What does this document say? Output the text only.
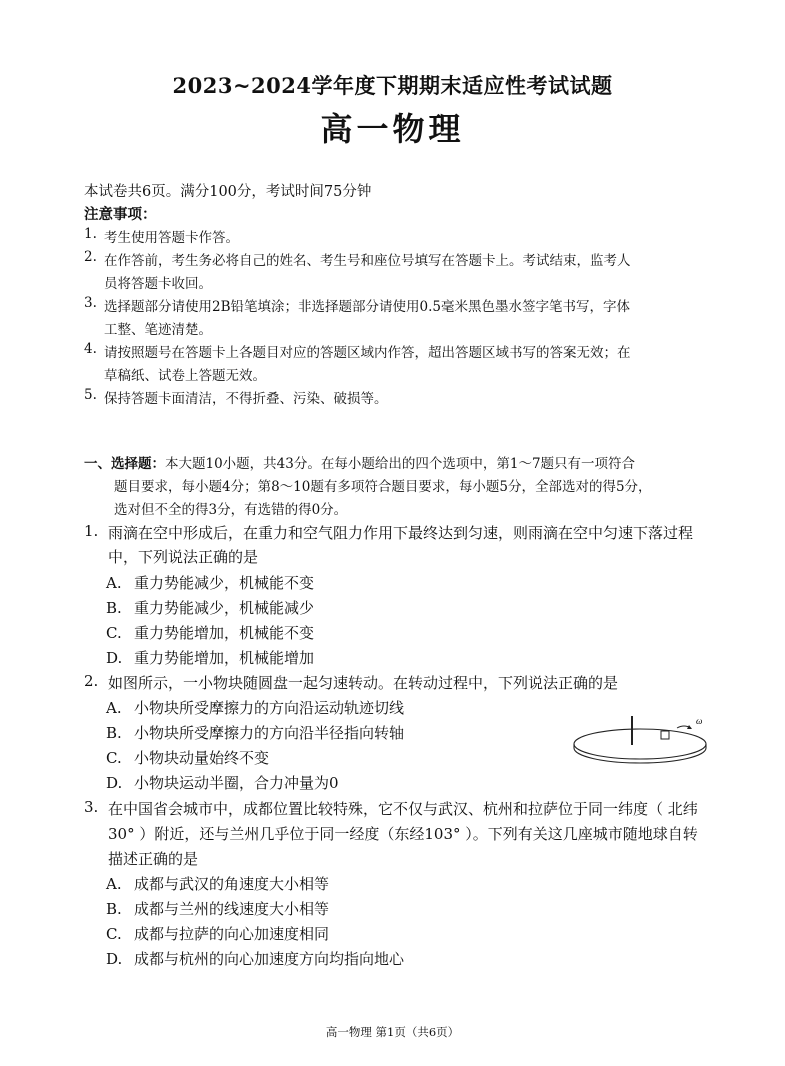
2023~2024学年度下期期末适应性考试试题
高一物理
本试卷共6页。满分100分，考试时间75分钟
注意事项：
1. 考生使用答题卡作答。
2. 在作答前，考生务必将自己的姓名、考生号和座位号填写在答题卡上。考试结束，监考人
员将答题卡收回。
3. 选择题部分请使用2B铅笔填涂；非选择题部分请使用0.5毫米黑色墨水签字笔书写，字体
工整、笔迹清楚。
4. 请按照题号在答题卡上各题目对应的答题区域内作答，超出答题区域书写的答案无效；在
草稿纸、试卷上答题无效。
5. 保持答题卡面清洁，不得折叠、污染、破损等。
一、选择题：本大题10小题，共43分。在每小题给出的四个选项中，第1～7题只有一项符合
题目要求，每小题4分；第8～10题有多项符合题目要求，每小题5分，全部选对的得5分，
选对但不全的得3分，有选错的得0分。
1. 雨滴在空中形成后，在重力和空气阻力作用下最终达到匀速，则雨滴在空中匀速下落过程
中，下列说法正确的是
A. 重力势能减少，机械能不变
B. 重力势能减少，机械能减少
C. 重力势能增加，机械能不变
D. 重力势能增加，机械能增加
2. 如图所示，一小物块随圆盘一起匀速转动。在转动过程中，下列说法正确的是
A. 小物块所受摩擦力的方向沿运动轨迹切线
B. 小物块所受摩擦力的方向沿半径指向转轴
C. 小物块动量始终不变
D. 小物块运动半圈，合力冲量为0
ω
3. 在中国省会城市中，成都位置比较特殊，它不仅与武汉、杭州和拉萨位于同一纬度（ 北纬
30° ）附近，还与兰州几乎位于同一经度（东经103° ）。下列有关这几座城市随地球自转
描述正确的是
A. 成都与武汉的角速度大小相等
B. 成都与兰州的线速度大小相等
C. 成都与拉萨的向心加速度相同
D. 成都与杭州的向心加速度方向均指向地心
高一物理 第1页（共6页）
